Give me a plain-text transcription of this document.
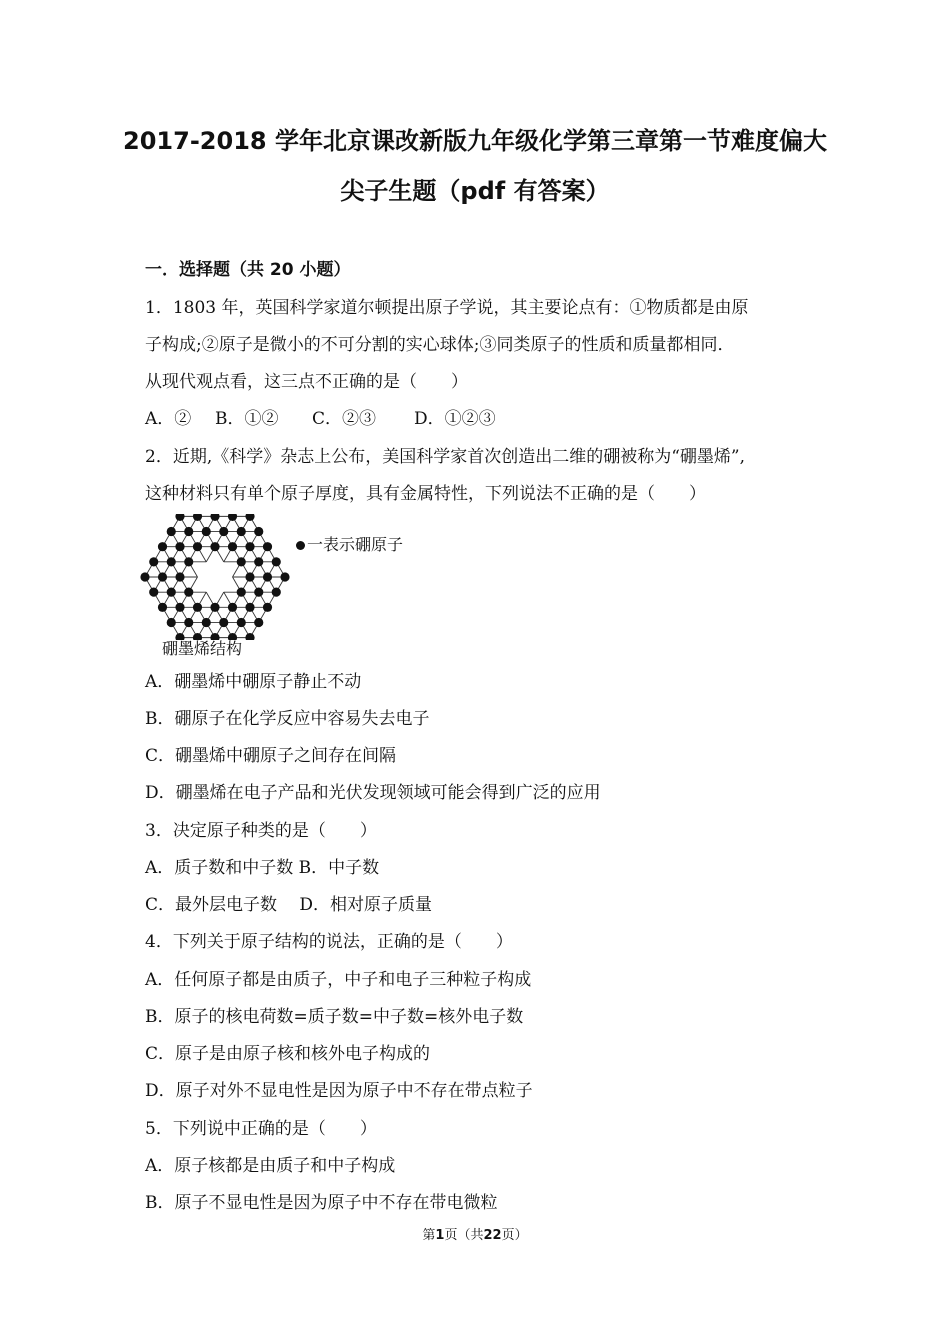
2017-2018 学年北京课改新版九年级化学第三章第一节难度偏大
尖子生题（pdf 有答案）

一．选择题（共 20 小题）

1．1803 年，英国科学家道尔顿提出原子学说，其主要论点有：①物质都是由原

子构成;②原子是微小的不可分割的实心球体;③同类原子的性质和质量都相同．

从现代观点看，这三点不正确的是（　　）

A．② B．①② C．②③ D．①②③

2．近期,《科学》杂志上公布，美国科学家首次创造出二维的硼被称为“硼墨烯”,

这种材料只有单个原子厚度，具有金属特性，下列说法不正确的是（　　）

一表示硼原子
硼墨烯结构

A．硼墨烯中硼原子静止不动

B．硼原子在化学反应中容易失去电子

C．硼墨烯中硼原子之间存在间隔

D．硼墨烯在电子产品和光伏发现领域可能会得到广泛的应用

3．决定原子种类的是（　　）

A．质子数和中子数 B．中子数

C．最外层电子数　 D．相对原子质量

4．下列关于原子结构的说法，正确的是（　　）

A．任何原子都是由质子，中子和电子三种粒子构成

B．原子的核电荷数=质子数=中子数=核外电子数

C．原子是由原子核和核外电子构成的

D．原子对外不显电性是因为原子中不存在带点粒子

5．下列说中正确的是（　　）

A．原子核都是由质子和中子构成

B．原子不显电性是因为原子中不存在带电微粒

第1页（共22页）
